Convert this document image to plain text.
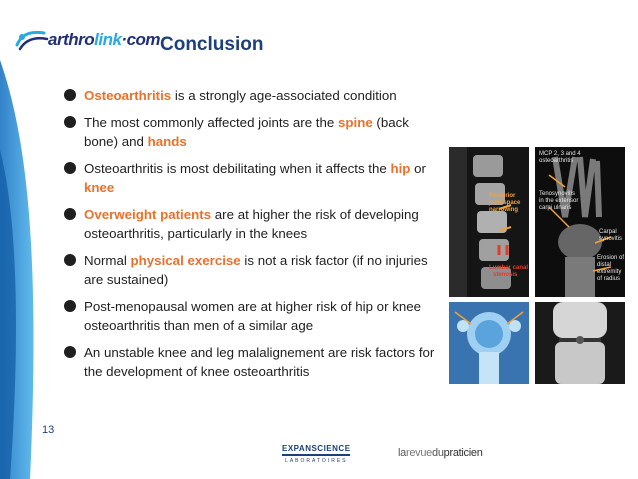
arthrolink·com Conclusion
Osteoarthritis is a strongly age-associated condition
The most commonly affected joints are the spine (back bone) and hands
Osteoarthritis is most debilitating when it affects the hip or knee
Overweight patients are at higher the risk of developing osteoarthritis, particularly in the knees
Normal physical exercise is not a risk factor (if no injuries are sustained)
Post-menopausal women are at higher risk of hip or knee osteoarthritis than men of a similar age
An unstable knee and leg malalignement are risk factors for the development of knee osteoarthritis
Posterior
joint space
narrowing
Lumbar canal
stenosis
MCP 2, 3 and 4
osteoarthritis
Tenosynovitis
in the extensor
carpi ulnaris
Carpal
synovitis
Erosion of
distal
extremity
of radius
13
EXPANSCIENCE
LABORATOIRES
larevuedupraticien
